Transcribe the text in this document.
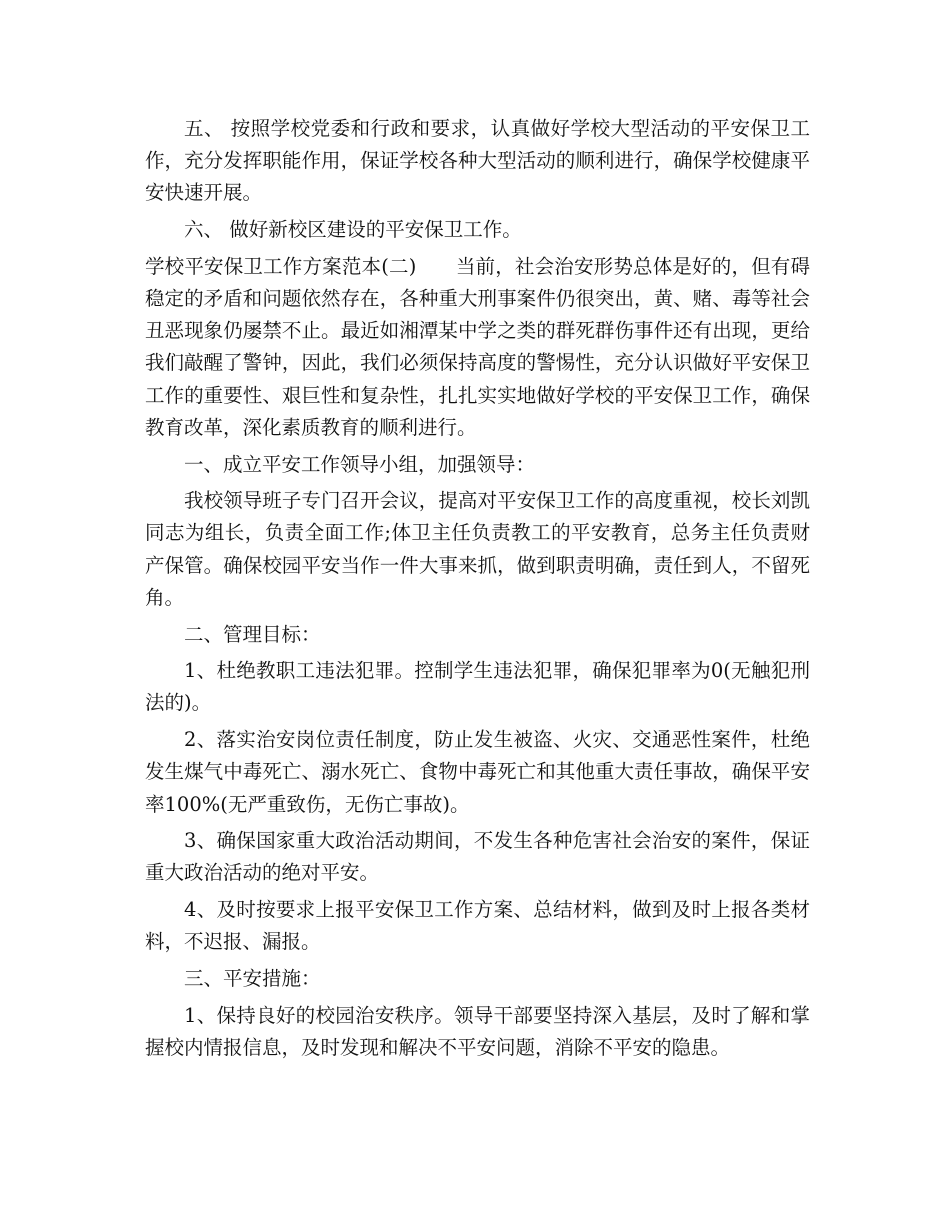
五、 按照学校党委和行政和要求，认真做好学校大型活动的平安保卫工作，充分发挥职能作用，保证学校各种大型活动的顺利进行，确保学校健康平安快速开展。

六、 做好新校区建设的平安保卫工作。

学校平安保卫工作方案范本(二)　　当前，社会治安形势总体是好的，但有碍稳定的矛盾和问题依然存在，各种重大刑事案件仍很突出，黄、赌、毒等社会丑恶现象仍屡禁不止。最近如湘潭某中学之类的群死群伤事件还有出现，更给我们敲醒了警钟，因此，我们必须保持高度的警惕性，充分认识做好平安保卫工作的重要性、艰巨性和复杂性，扎扎实实地做好学校的平安保卫工作，确保教育改革，深化素质教育的顺利进行。

一、成立平安工作领导小组，加强领导：

我校领导班子专门召开会议，提高对平安保卫工作的高度重视，校长刘凯同志为组长，负责全面工作;体卫主任负责教工的平安教育，总务主任负责财产保管。确保校园平安当作一件大事来抓，做到职责明确，责任到人，不留死角。

二、管理目标：

1、杜绝教职工违法犯罪。控制学生违法犯罪，确保犯罪率为0(无触犯刑法的)。

2、落实治安岗位责任制度，防止发生被盗、火灾、交通恶性案件，杜绝发生煤气中毒死亡、溺水死亡、食物中毒死亡和其他重大责任事故，确保平安率100%(无严重致伤，无伤亡事故)。

3、确保国家重大政治活动期间，不发生各种危害社会治安的案件，保证重大政治活动的绝对平安。

4、及时按要求上报平安保卫工作方案、总结材料，做到及时上报各类材料，不迟报、漏报。

三、平安措施：

1、保持良好的校园治安秩序。领导干部要坚持深入基层，及时了解和掌握校内情报信息，及时发现和解决不平安问题，消除不平安的隐患。
